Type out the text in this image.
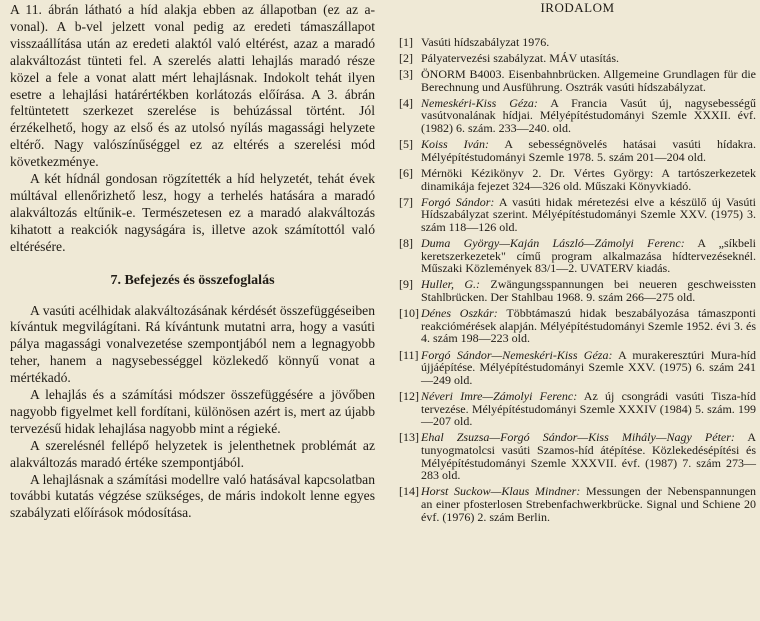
A 11. ábrán látható a híd alakja ebben az állapotban (ez az a-vonal). A b-vel jelzett vonal pedig az eredeti támaszállapot visszaállítása után az eredeti alaktól való eltérést, azaz a maradó alakváltozást tünteti fel. A szerelés alatti lehajlás maradó része közel a fele a vonat alatt mért lehajlásnak. Indokolt tehát ilyen esetre a lehajlási határértékben korlátozás előírása. A 3. ábrán feltüntetett szerkezet szerelése is behúzással történt. Jól érzékelhető, hogy az első és az utolsó nyílás magassági helyzete eltérő. Nagy valószínűséggel ez az eltérés a szerelési mód következménye.

A két hídnál gondosan rögzítették a híd helyzetét, tehát évek múltával ellenőrizhető lesz, hogy a terhelés hatására a maradó alakváltozás eltűnik-e. Természetesen ez a maradó alakváltozás kihatott a reakciók nagyságára is, illetve azok számítottól való eltérésére.

7. Befejezés és összefoglalás

A vasúti acélhidak alakváltozásának kérdését összefüggéseiben kívántuk megvilágítani. Rá kívántunk mutatni arra, hogy a vasúti pálya magassági vonalvezetése szempontjából nem a legnagyobb teher, hanem a nagysebességgel közlekedő könnyű vonat a mértékadó.

A lehajlás és a számítási módszer összefüggésére a jövőben nagyobb figyelmet kell fordítani, különösen azért is, mert az újabb tervezésű hidak lehajlása nagyobb mint a régieké.

A szerelésnél fellépő helyzetek is jelenthetnek problémát az alakváltozás maradó értéke szempontjából.

A lehajlásnak a számítási modellre való hatásával kapcsolatban további kutatás végzése szükséges, de máris indokolt lenne egyes szabályzati előírások módosítása.

IRODALOM
[1] Vasúti hídszabályzat 1976.
[2] Pályatervezési szabályzat. MÁV utasítás.
[3] ÖNORM B4003. Eisenbahnbrücken. Allgemeine Grundlagen für die Berechnung und Ausführung. Osztrák vasúti hídszabályzat.
[4] Nemeskéri-Kiss Géza: A Francia Vasút új, nagysebességű vasútvonalának hídjai. Mélyépítéstudományi Szemle XXXII. évf. (1982) 6. szám. 233—240. old.
[5] Koiss Iván: A sebességnövelés hatásai vasúti hídakra. Mélyépítéstudományi Szemle 1978. 5. szám 201—204 old.
[6] Mérnöki Kézikönyv 2. Dr. Vértes György: A tartószerkezetek dinamikája fejezet 324—326 old. Műszaki Könyvkiadó.
[7] Forgó Sándor: A vasúti hidak méretezési elve a készülő új Vasúti Hídszabályzat szerint. Mélyépítéstudományi Szemle XXV. (1975) 3. szám 118—126 old.
[8] Duma György—Kaján László—Zámolyi Ferenc: A „síkbeli keretszerkezetek" című program alkalmazása hídtervezéseknél. Műszaki Közlemények 83/1—2. UVATERV kiadás.
[9] Huller, G.: Zwängungsspannungen bei neueren geschweissten Stahlbrücken. Der Stahlbau 1968. 9. szám 266—275 old.
[10] Dénes Oszkár: Többtámaszú hidak beszabályozása támaszponti reakciómérések alapján. Mélyépítéstudományi Szemle 1952. évi 3. és 4. szám 198—223 old.
[11] Forgó Sándor—Nemeskéri-Kiss Géza: A murakeresztúri Mura-híd újjáépítése. Mélyépítéstudományi Szemle XXV. (1975) 6. szám 241—249 old.
[12] Néveri Imre—Zámolyi Ferenc: Az új csongrádi vasúti Tisza-híd tervezése. Mélyépítéstudományi Szemle XXXIV (1984) 5. szám. 199—207 old.
[13] Ehal Zsuzsa—Forgó Sándor—Kiss Mihály—Nagy Péter: A tunyogmatolcsi vasúti Szamos-híd átépítése. Közlekedésépítési és Mélyépítéstudományi Szemle XXXVII. évf. (1987) 7. szám 273—283 old.
[14] Horst Suckow—Klaus Mindner: Messungen der Nebenspannungen an einer pfosterlosen Strebenfachwerkbrücke. Signal und Schiene 20 évf. (1976) 2. szám Berlin.
